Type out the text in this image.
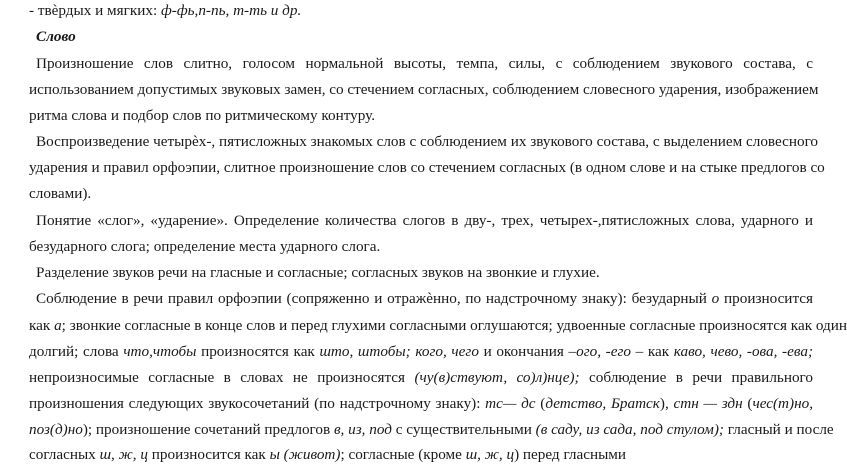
- твѐрдых и мягких: ф-фь,п-пь, т-ть и др.
Слово
Произношение слов слитно, голосом нормальной высоты, темпа, силы, с соблюдением звукового состава, с
использованием допустимых звуковых замен, со стечением согласных, соблюдением словесного ударения, изображением
ритма слова и подбор слов по ритмическому контуру.
Воспроизведение четырѐх-, пятисложных знакомых слов с соблюдением их звукового состава, с выделением словесного
ударения и правил орфоэпии, слитное произношение слов со стечением согласных (в одном слове и на стыке предлогов со
словами).
Понятие «слог», «ударение». Определение количества слогов в дву-, трех, четырех-,пятисложных слова, ударного и
безударного слога; определение места ударного слога.
Разделение звуков речи на гласные и согласные; согласных звуков на звонкие и глухие.
Соблюдение в речи правил орфоэпии (сопряженно и отражѐнно, по надстрочному знаку): безударный о произносится
как а; звонкие согласные в конце слов и перед глухими согласными оглушаются; удвоенные согласные произносятся как один
долгий; слова что,чтобы произносятся как што, штобы; кого, чего и окончания –ого, -его – как каво, чево, -ова, -ева;
непроизносимые согласные в словах не произносятся (чу(в)ствуют, со)л)нце); соблюдение в речи правильного
произношения следующих звукосочетаний (по надстрочному знаку): тс— дс (детство, Братск), стн — здн (чес(т)но,
поз(д)но); произношение сочетаний предлогов в, из, под с существительными (в саду, из сада, под стулом); гласный и после
согласных ш, ж, ц произносится как ы (живот); согласные (кроме ш, ж, ц) перед гласными
